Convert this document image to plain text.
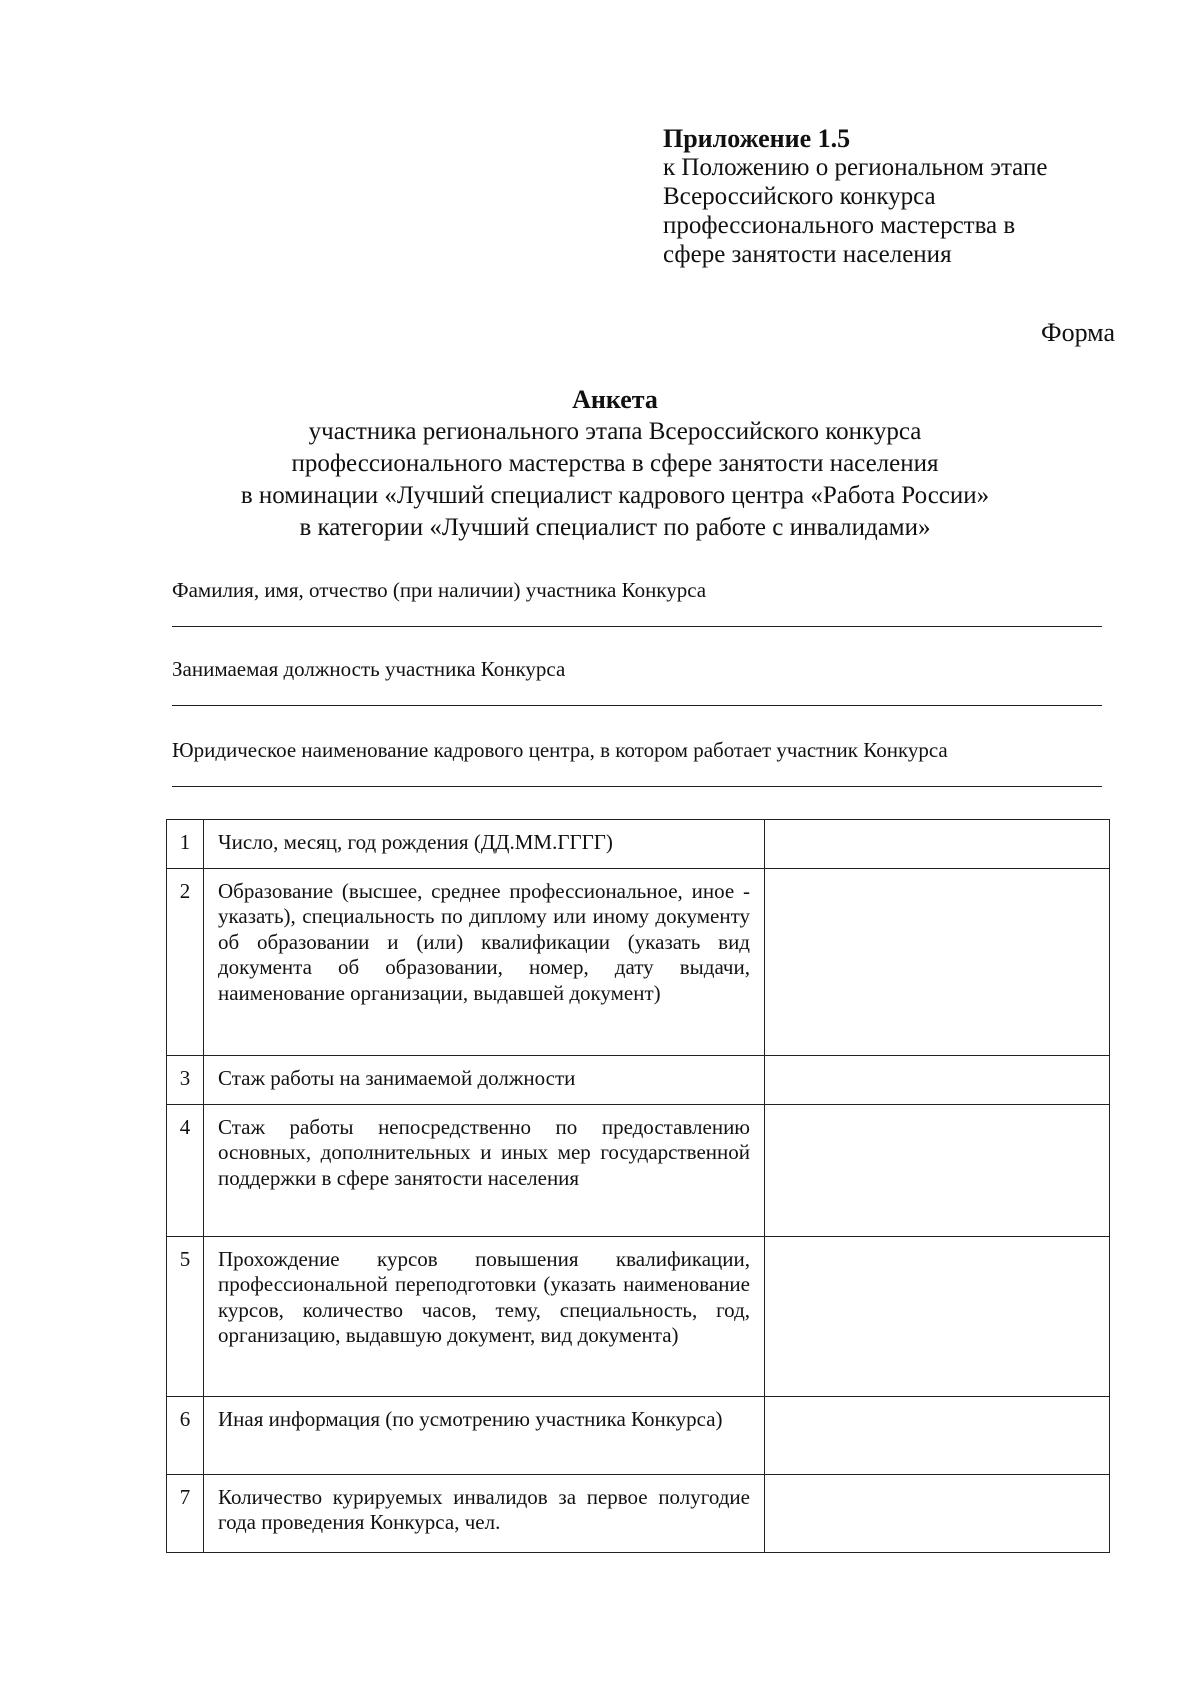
Приложение 1.5
к Положению о региональном этапе
Всероссийского конкурса
профессионального мастерства в
сфере занятости населения
Форма
Анкета
участника регионального этапа Всероссийского конкурса
профессионального мастерства в сфере занятости населения
в номинации «Лучший специалист кадрового центра «Работа России»
в категории «Лучший специалист по работе с инвалидами»
Фамилия, имя, отчество (при наличии) участника Конкурса
Занимаемая должность участника Конкурса
Юридическое наименование кадрового центра, в котором работает участник Конкурса
1	Число, месяц, год рождения (ДД.ММ.ГГГГ)	
2	Образование (высшее, среднее профессиональное, иное - указать), специальность по диплому или иному документу об образовании и (или) квалификации (указать вид документа об образовании, номер, дату выдачи, наименование организации, выдавшей документ)	
3	Стаж работы на занимаемой должности	
4	Стаж работы непосредственно по предоставлению основных, дополнительных и иных мер государственной поддержки в сфере занятости населения	
5	Прохождение курсов повышения квалификации, профессиональной переподготовки (указать наименование курсов, количество часов, тему, специальность, год, организацию, выдавшую документ, вид документа)	
6	Иная информация (по усмотрению участника Конкурса)	
7	Количество курируемых инвалидов за первое полугодие года проведения Конкурса, чел.	
